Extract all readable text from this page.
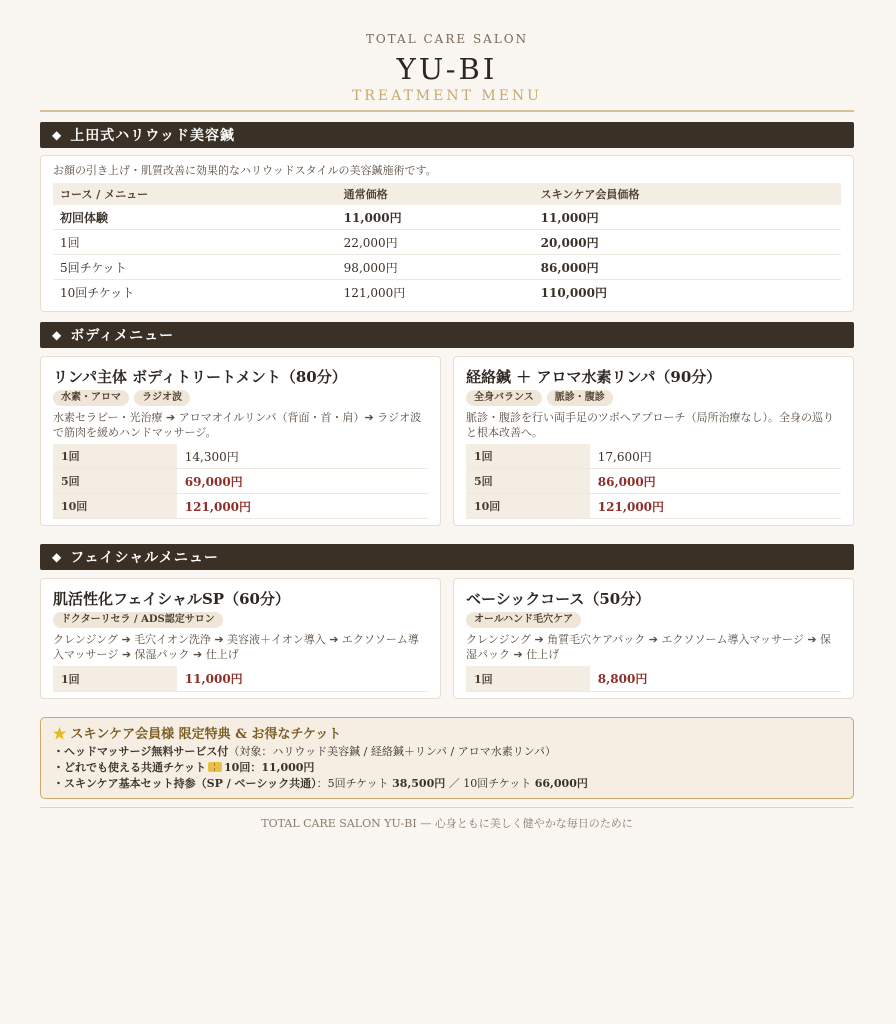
TOTAL CARE SALON
YU-BI
TREATMENT MENU
◆ 上田式ハリウッド美容鍼
お顔の引き上げ・肌質改善に効果的なハリウッドスタイルの美容鍼施術です。
コース / メニュー	通常価格	スキンケア会員価格
初回体験	11,000円	11,000円
1回	22,000円	20,000円
5回チケット	98,000円	86,000円
10回チケット	121,000円	110,000円
◆ ボディメニュー
リンパ主体 ボディトリートメント（80分）
水素・アロマ	ラジオ波
水素セラピー・光治療 ➔ アロマオイルリンパ（背面・首・肩）➔ ラジオ波で筋肉を緩めハンドマッサージ。
1回	14,300円
5回	69,000円
10回	121,000円
経絡鍼 ＋ アロマ水素リンパ（90分）
全身バランス	脈診・腹診
脈診・腹診を行い両手足のツボへアプローチ（局所治療なし）。全身の巡りと根本改善へ。
1回	17,600円
5回	86,000円
10回	121,000円
◆ フェイシャルメニュー
肌活性化フェイシャルSP（60分）
ドクターリセラ / ADS認定サロン
クレンジング ➔ 毛穴イオン洗浄 ➔ 美容液＋イオン導入 ➔ エクソソーム導入マッサージ ➔ 保湿パック ➔ 仕上げ
1回	11,000円
ベーシックコース（50分）
オールハンド毛穴ケア
クレンジング ➔ 角質毛穴ケアパック ➔ エクソソーム導入マッサージ ➔ 保湿パック ➔ 仕上げ
1回	8,800円
★ スキンケア会員様 限定特典 & お得なチケット
・ヘッドマッサージ無料サービス付（対象：ハリウッド美容鍼 / 経絡鍼＋リンパ / アロマ水素リンパ）
・どれでも使える共通チケット 10回：11,000円
・スキンケア基本セット持参（SP / ベーシック共通）：5回チケット 38,500円 ／ 10回チケット 66,000円
TOTAL CARE SALON YU-BI — 心身ともに美しく健やかな毎日のために
